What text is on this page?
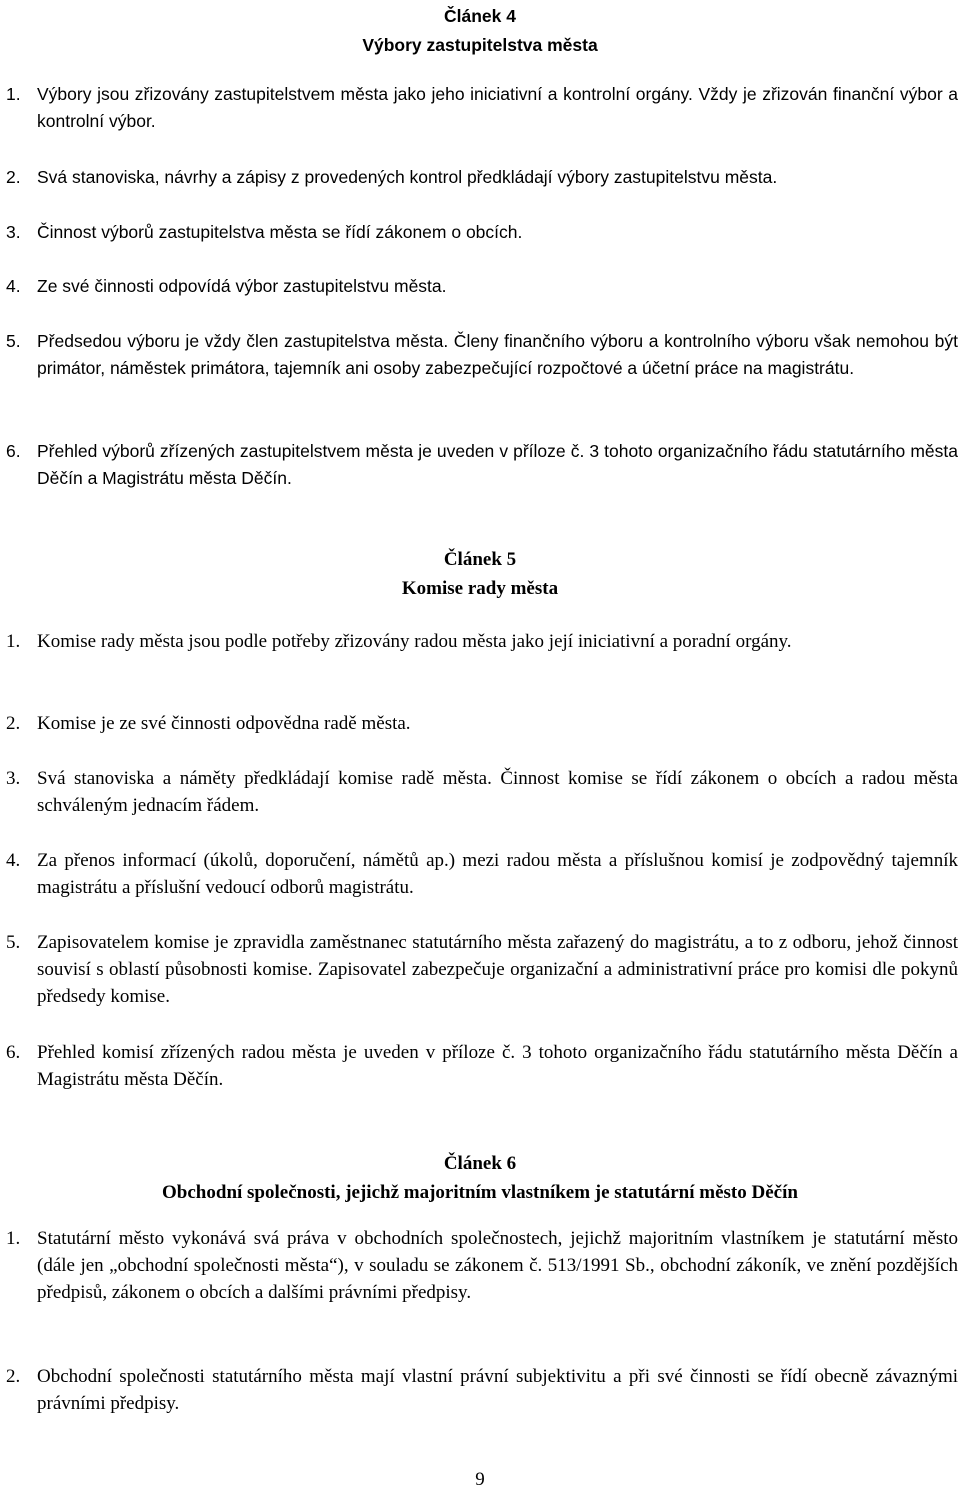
Článek 4
Výbory zastupitelstva města
1. Výbory jsou zřizovány zastupitelstvem města jako jeho iniciativní a kontrolní orgány. Vždy je zřizován finanční výbor a kontrolní výbor.
2. Svá stanoviska, návrhy a zápisy z provedených kontrol předkládají výbory zastupitelstvu města.
3. Činnost výborů zastupitelstva města se řídí zákonem o obcích.
4. Ze své činnosti odpovídá výbor zastupitelstvu města.
5. Předsedou výboru je vždy člen zastupitelstva města. Členy finančního výboru a kontrolního výboru však nemohou být primátor, náměstek primátora, tajemník ani osoby zabezpečující rozpočtové a účetní práce na magistrátu.
6. Přehled výborů zřízených zastupitelstvem města je uveden v příloze č. 3 tohoto organizačního řádu statutárního města Děčín a Magistrátu města Děčín.
Článek 5
Komise rady města
1. Komise rady města jsou podle potřeby zřizovány radou města jako její iniciativní a poradní orgány.
2. Komise je ze své činnosti odpovědna radě města.
3. Svá stanoviska a náměty předkládají komise radě města. Činnost komise se řídí zákonem o obcích a radou města schváleným jednacím řádem.
4. Za přenos informací (úkolů, doporučení, námětů ap.) mezi radou města a příslušnou komisí je zodpovědný tajemník magistrátu a příslušní vedoucí odborů magistrátu.
5. Zapisovatelem komise je zpravidla zaměstnanec statutárního města zařazený do magistrátu, a to z odboru, jehož činnost souvisí s oblastí působnosti komise. Zapisovatel zabezpečuje organizační a administrativní práce pro komisi dle pokynů předsedy komise.
6. Přehled komisí zřízených radou města je uveden v příloze č. 3 tohoto organizačního řádu statutárního města Děčín a Magistrátu města Děčín.
Článek 6
Obchodní společnosti, jejichž majoritním vlastníkem je statutární město Děčín
1. Statutární město vykonává svá práva v obchodních společnostech, jejichž majoritním vlastníkem je statutární město (dále jen „obchodní společnosti města“), v souladu se zákonem č. 513/1991 Sb., obchodní zákoník, ve znění pozdějších předpisů, zákonem o obcích a dalšími právními předpisy.
2. Obchodní společnosti statutárního města mají vlastní právní subjektivitu a při své činnosti se řídí obecně závaznými právními předpisy.
9
